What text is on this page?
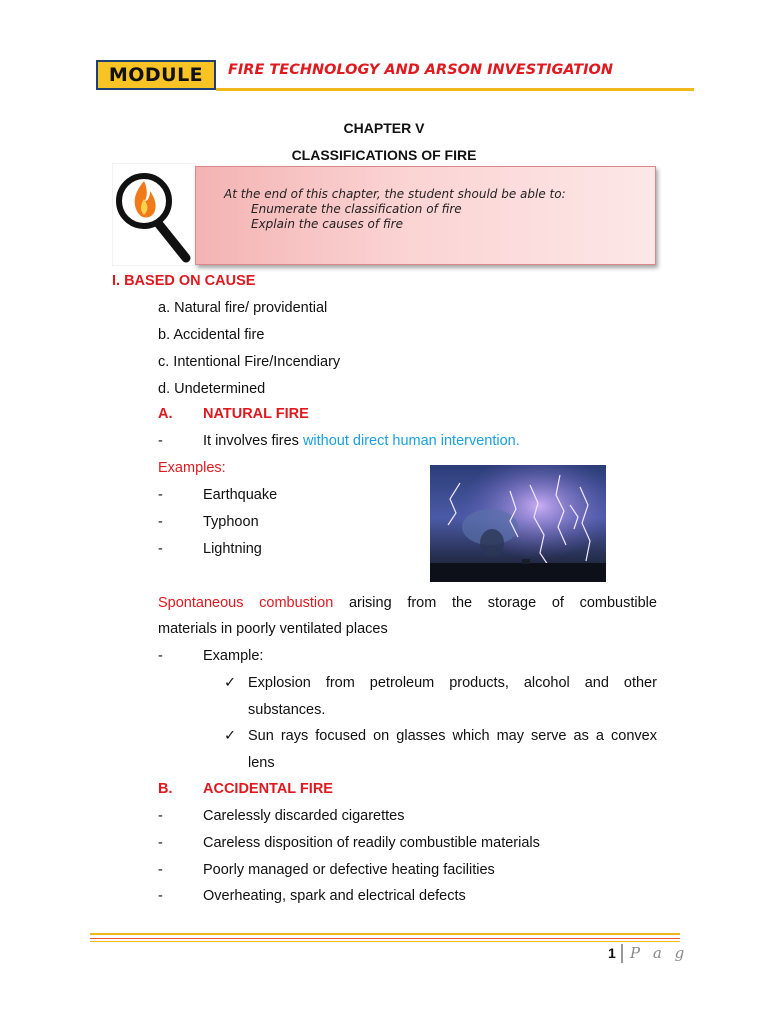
MODULE	FIRE TECHNOLOGY AND ARSON INVESTIGATION
CHAPTER V
CLASSIFICATIONS OF FIRE
At the end of this chapter, the student should be able to:
Enumerate the classification of fire
Explain the causes of fire
I. BASED ON CAUSE
a. Natural fire/ providential
b. Accidental fire
c. Intentional Fire/Incendiary
d. Undetermined
A. NATURAL FIRE
-	It involves fires without direct human intervention.
Examples:
-	Earthquake
-	Typhoon
-	Lightning
Spontaneous combustion arising from the storage of combustible
materials in poorly ventilated places
-	Example:
✓ Explosion from petroleum products, alcohol and other
substances.
✓ Sun rays focused on glasses which may serve as a convex
lens
B. ACCIDENTAL FIRE
-	Carelessly discarded cigarettes
-	Careless disposition of readily combustible materials
-	Poorly managed or defective heating facilities
-	Overheating, spark and electrical defects
1 P a g
